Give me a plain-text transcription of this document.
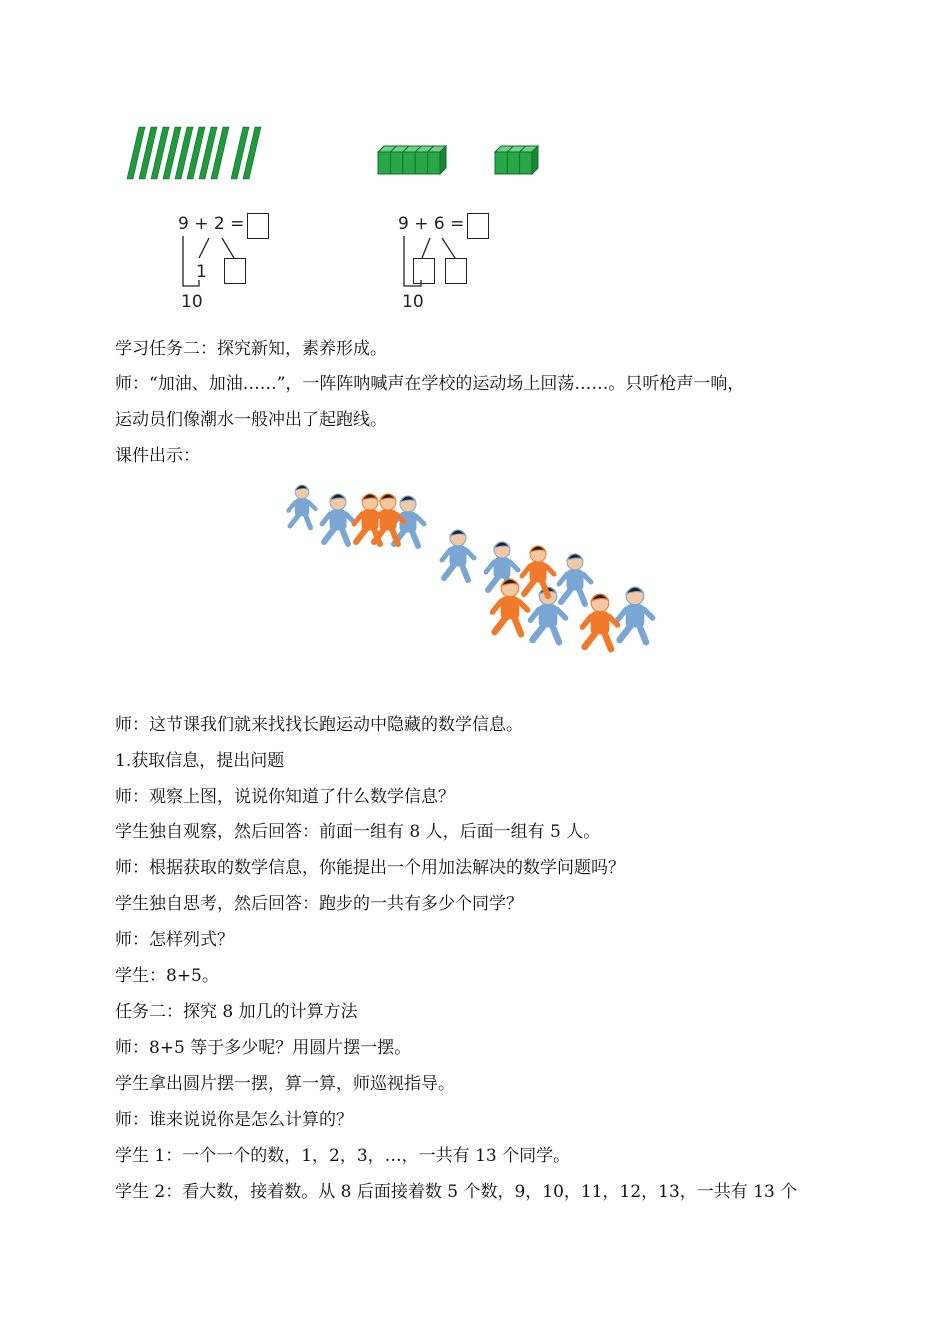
9 + 2 =
1
10
9 + 6 =
10
学习任务二：探究新知，素养形成。
师：“加油、加油……”，一阵阵呐喊声在学校的运动场上回荡……。只听枪声一响，
运动员们像潮水一般冲出了起跑线。
课件出示：
师：这节课我们就来找找长跑运动中隐藏的数学信息。
1.获取信息，提出问题
师：观察上图，说说你知道了什么数学信息？
学生独自观察，然后回答：前面一组有 8 人，后面一组有 5 人。
师：根据获取的数学信息，你能提出一个用加法解决的数学问题吗？
学生独自思考，然后回答：跑步的一共有多少个同学？
师：怎样列式？
学生：8+5。
任务二：探究 8 加几的计算方法
师：8+5 等于多少呢？用圆片摆一摆。
学生拿出圆片摆一摆，算一算，师巡视指导。
师：谁来说说你是怎么计算的？
学生 1：一个一个的数，1，2，3，…，一共有 13 个同学。
学生 2：看大数，接着数。从 8 后面接着数 5 个数，9，10，11，12，13，一共有 13 个
